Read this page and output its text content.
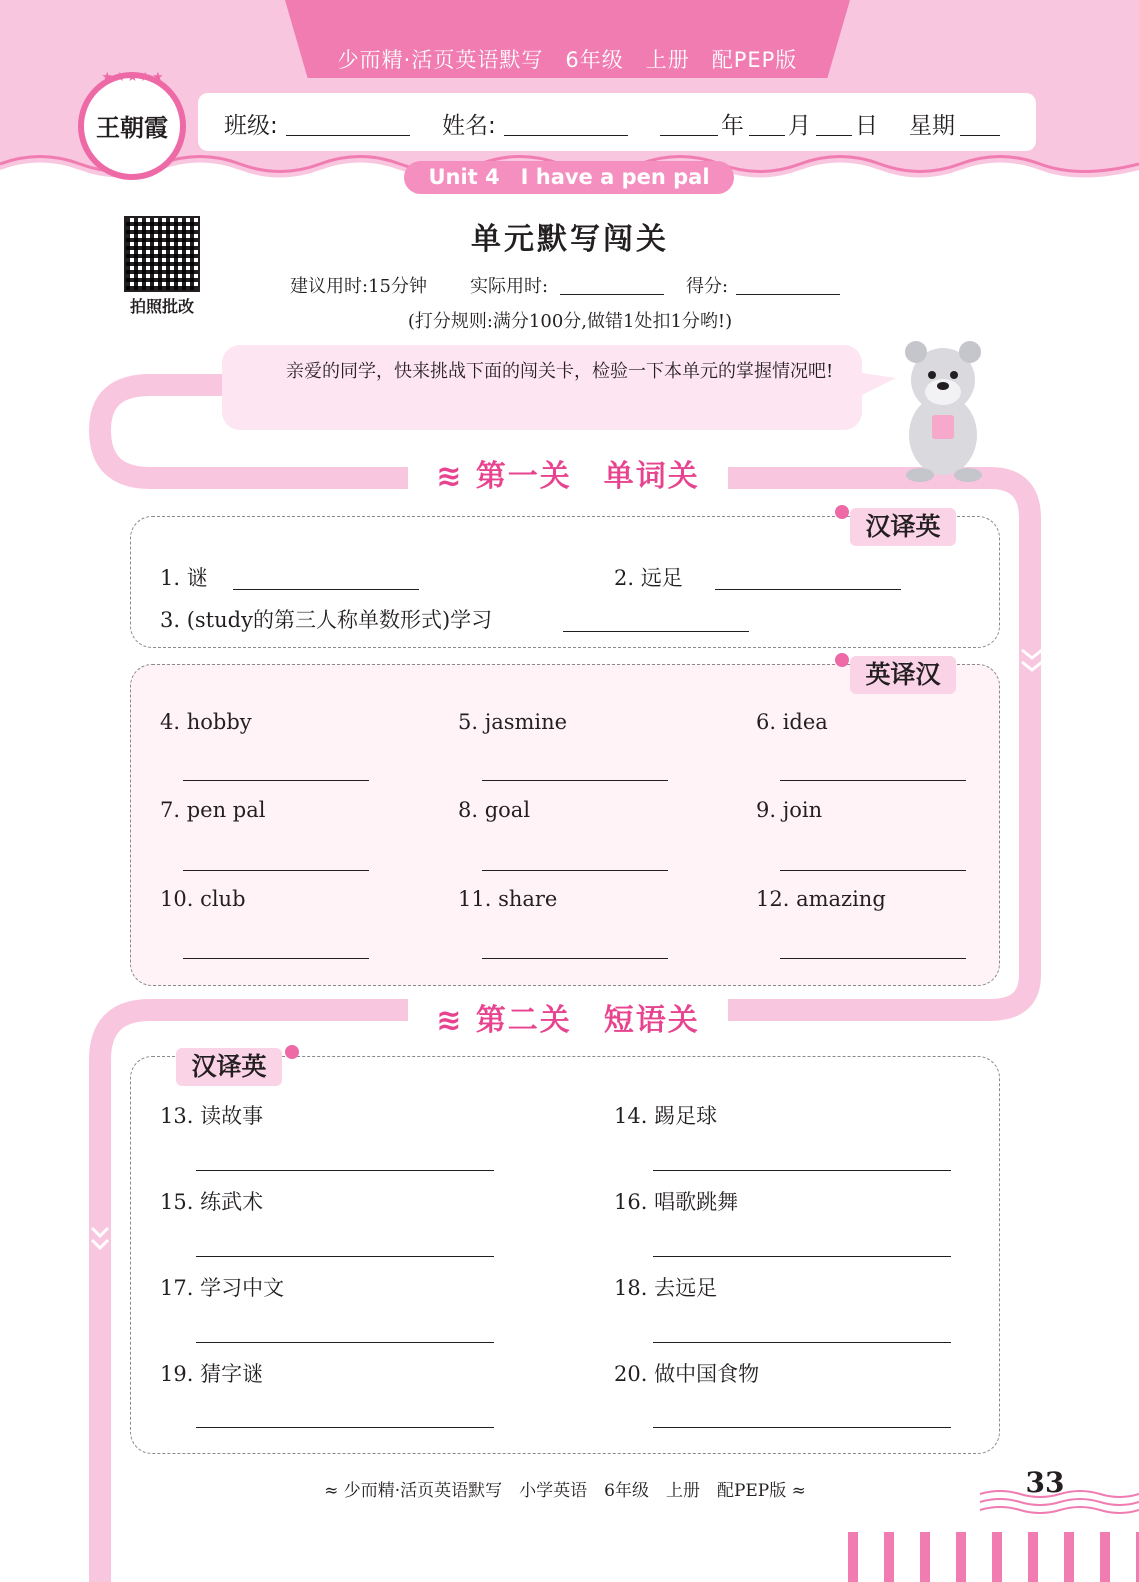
少而精·活页英语默写　6年级　上册　配PEP版
班级:	姓名:	年 月 日 星期
Unit 4　I have a pen pal
★★★★★
王朝霞
拍照批改
单元默写闯关
建议用时:15分钟 实际用时:	得分:
(打分规则:满分100分,做错1处扣1分哟!)
亲爱的同学，快来挑战下面的闯关卡，检验一下本单元的掌握情况吧!
≋ 第一关　单词关
汉译英
1. 谜	2. 远足
3. (study的第三人称单数形式)学习
英译汉
4. hobby	5. jasmine	6. idea
7. pen pal	8. goal	9. join
10. club	11. share	12. amazing
≋ 第二关　短语关
汉译英
13. 读故事	14. 踢足球
15. 练武术	16. 唱歌跳舞
17. 学习中文	18. 去远足
19. 猜字谜	20. 做中国食物
≈ 少而精·活页英语默写　小学英语　6年级　上册　配PEP版 ≈	33
